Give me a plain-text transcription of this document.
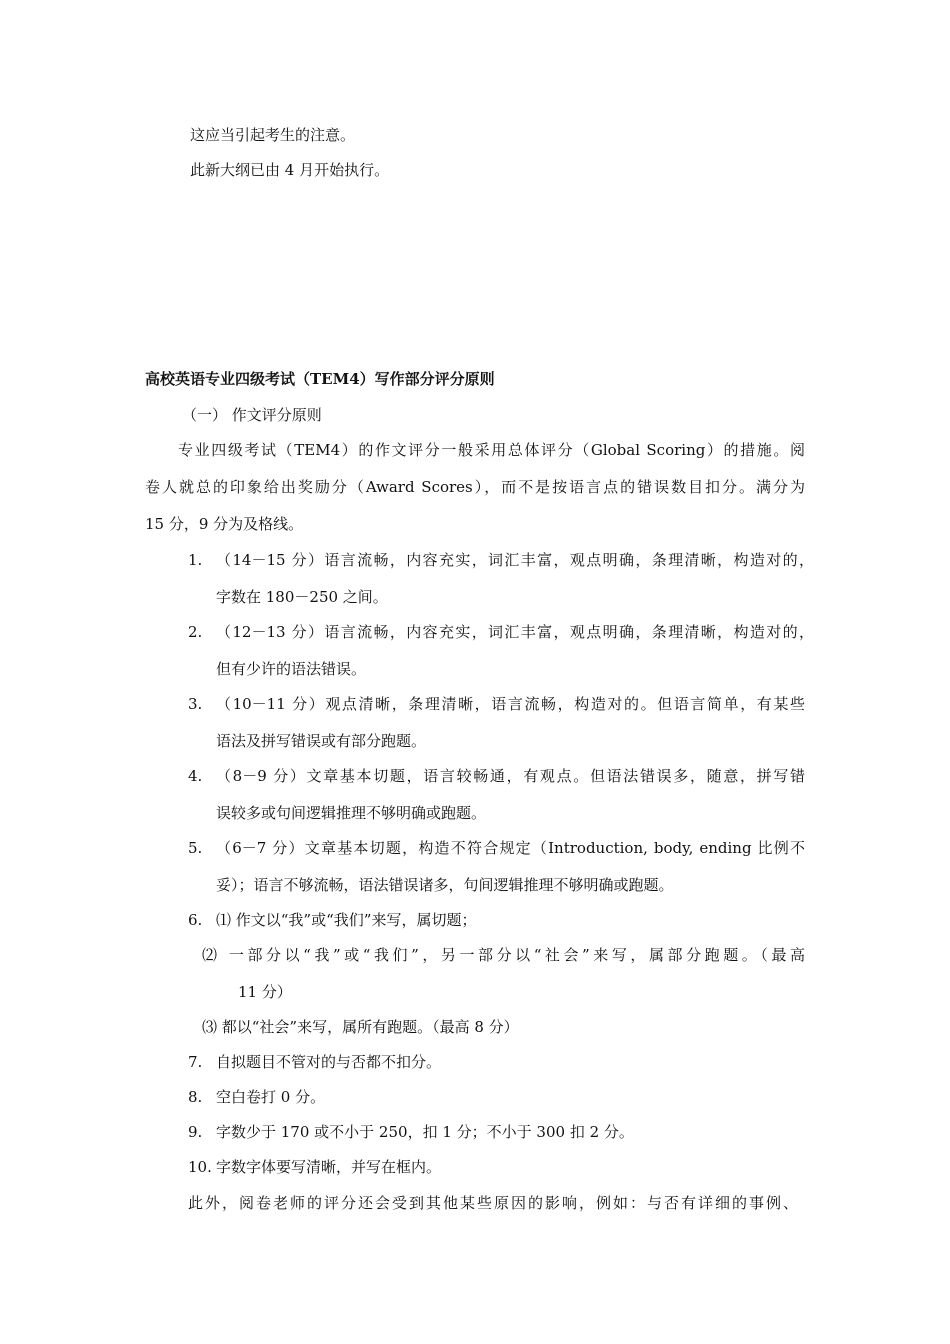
这应当引起考生的注意。
此新大纲已由 4 月开始执行。
高校英语专业四级考试（TEM4）写作部分评分原则
（一） 作文评分原则
专业四级考试（TEM4）的作文评分一般采用总体评分（Global Scoring）的措施。阅
卷人就总的印象给出奖励分（Award Scores），而不是按语言点的错误数目扣分。满分为
15 分，9 分为及格线。
1. （14－15 分）语言流畅，内容充实，词汇丰富，观点明确，条理清晰，构造对的，
字数在 180－250 之间。
2. （12－13 分）语言流畅，内容充实，词汇丰富，观点明确，条理清晰，构造对的，
但有少许的语法错误。
3. （10－11 分）观点清晰，条理清晰，语言流畅，构造对的。但语言简单，有某些
语法及拼写错误或有部分跑题。
4. （8－9 分）文章基本切题，语言较畅通，有观点。但语法错误多，随意，拼写错
误较多或句间逻辑推理不够明确或跑题。
5. （6－7 分）文章基本切题，构造不符合规定（Introduction, body, ending 比例不
妥）；语言不够流畅，语法错误诸多，句间逻辑推理不够明确或跑题。
6. ⑴ 作文以“我”或“我们”来写，属切题；
⑵ 一部分以“我”或“我们”，另一部分以“社会”来写，属部分跑题。（最高
11 分）
⑶ 都以“社会”来写，属所有跑题。（最高 8 分）
7. 自拟题目不管对的与否都不扣分。
8. 空白卷打 0 分。
9. 字数少于 170 或不小于 250，扣 1 分；不小于 300 扣 2 分。
10. 字数字体要写清晰，并写在框内。
此外，阅卷老师的评分还会受到其他某些原因的影响，例如：与否有详细的事例、
